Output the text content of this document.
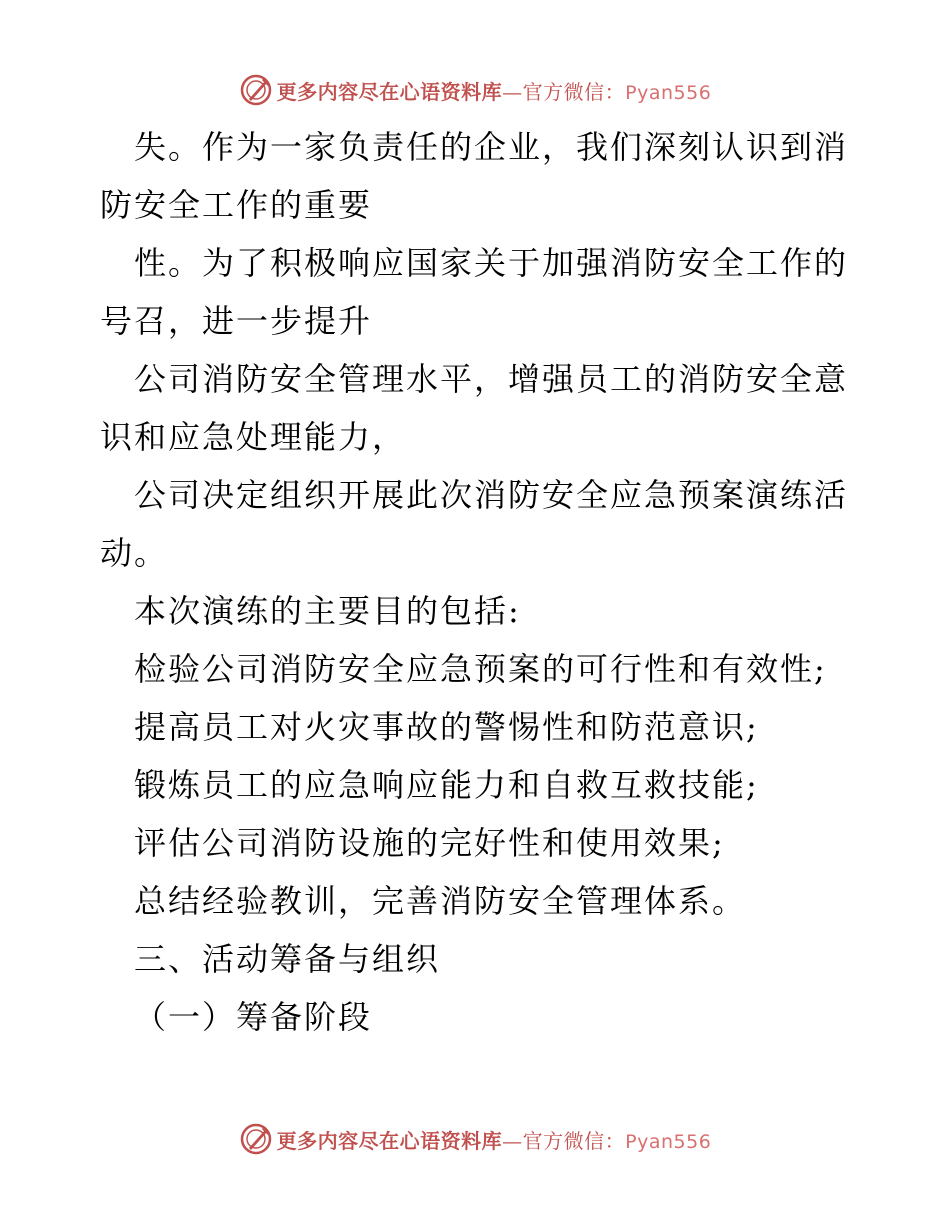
更多内容尽在心语资料库—官方微信：Pyan556
失。作为一家负责任的企业，我们深刻认识到消
防安全工作的重要
性。为了积极响应国家关于加强消防安全工作的
号召，进一步提升
公司消防安全管理水平，增强员工的消防安全意
识和应急处理能力，
公司决定组织开展此次消防安全应急预案演练活
动。
本次演练的主要目的包括:
检验公司消防安全应急预案的可行性和有效性;
提高员工对火灾事故的警惕性和防范意识;
锻炼员工的应急响应能力和自救互救技能;
评估公司消防设施的完好性和使用效果;
总结经验教训，完善消防安全管理体系。
三、活动筹备与组织
（一）筹备阶段
更多内容尽在心语资料库—官方微信：Pyan556
